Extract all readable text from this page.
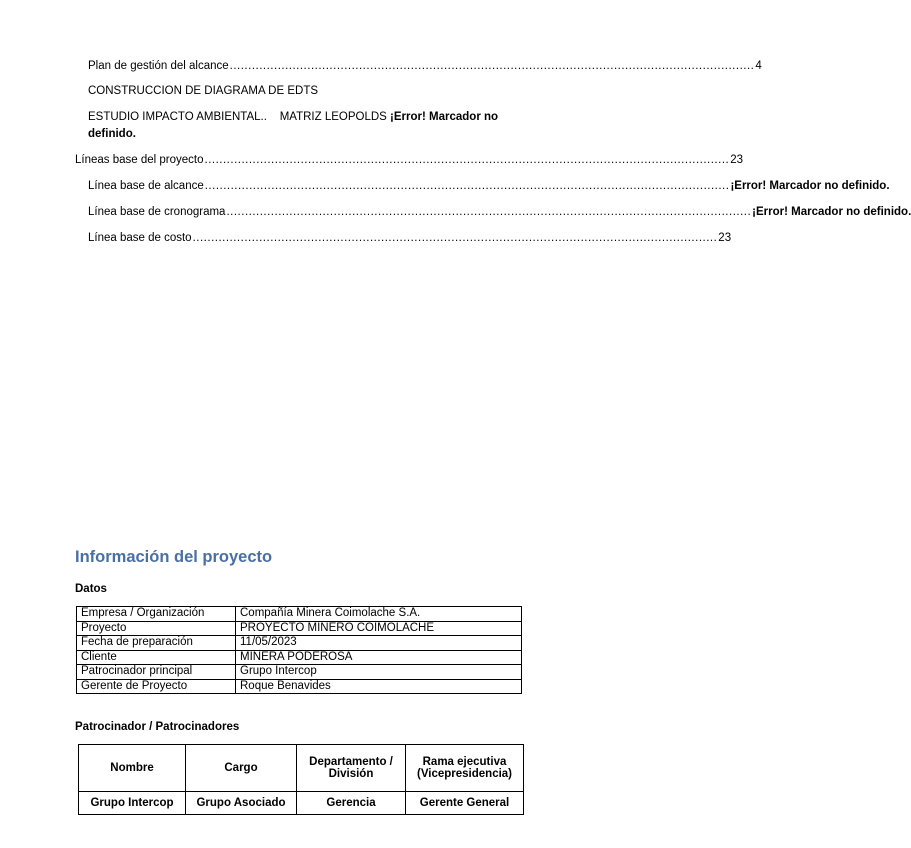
Plan de gestión del alcance .............................................................................................................................................. 4
CONSTRUCCION DE DIAGRAMA DE EDTS
ESTUDIO IMPACTO AMBIENTAL..    MATRIZ LEOPOLDS ¡Error! Marcador no definido.
Líneas base del proyecto .............................................................................................................................................. 23
Línea base de alcance .............................................................................................................................................. ¡Error! Marcador no definido.
Línea base de cronograma .............................................................................................................................................. ¡Error! Marcador no definido.
Línea base de costo .............................................................................................................................................. 23
Información del proyecto
Datos
Empresa / Organización	Compañía Minera Coimolache S.A.
Proyecto	PROYECTO MINERO COIMOLACHE
Fecha de preparación	11/05/2023
Cliente	MINERA PODEROSA
Patrocinador principal	Grupo Intercop
Gerente de Proyecto	Roque Benavides
Patrocinador / Patrocinadores
Nombre	Cargo	Departamento / División	Rama ejecutiva (Vicepresidencia)
Grupo Intercop	Grupo Asociado	Gerencia	Gerente General
